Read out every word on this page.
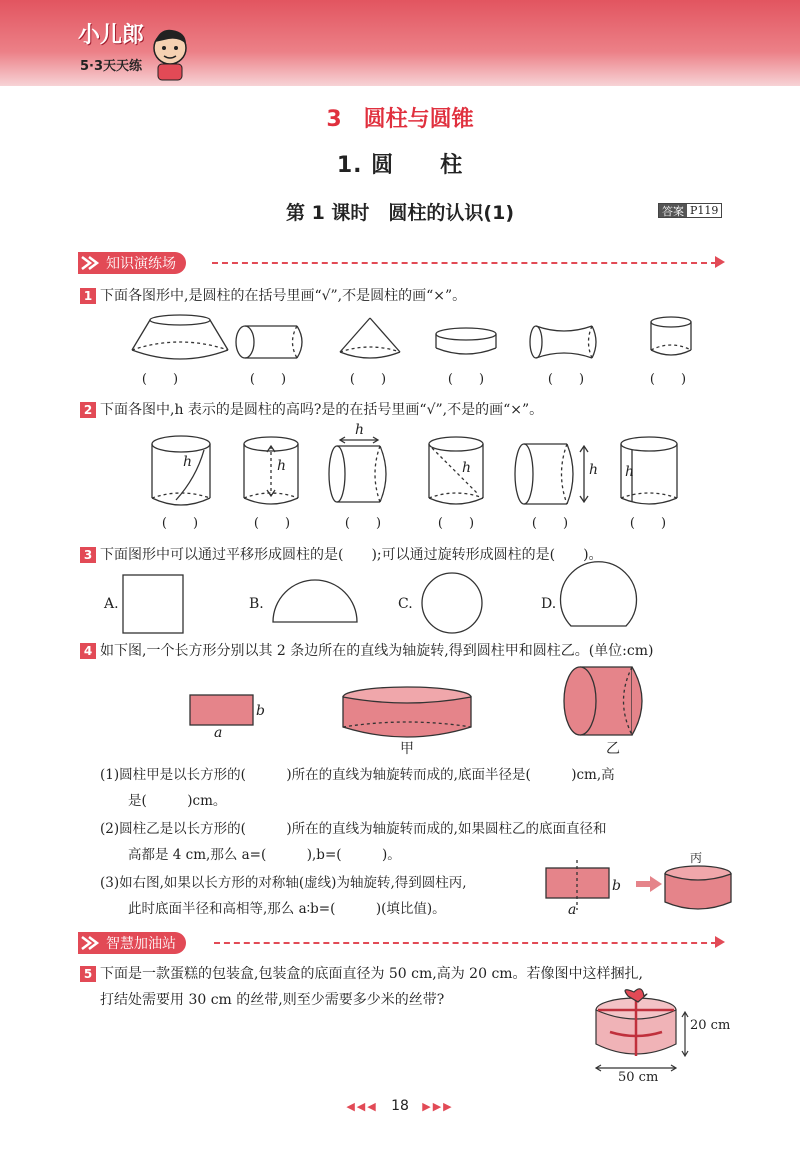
小儿郎
5·3天天练
3　圆柱与圆锥
1. 圆　　柱
第 1 课时　圆柱的认识(1)	答案 P119
知识演练场
1 下面各图形中,是圆柱的在括号里画“√”,不是圆柱的画“×”。
(　　)	(　　)	(　　)	(　　)	(　　)	(　　)
2 下面各图中,h 表示的是圆柱的高吗?是的在括号里画“√”,不是的画“×”。
h	h
h
h	h h
(　　)	(　　)	(　　)	(　　)	(　　)	(　　)
3 下面图形中可以通过平移形成圆柱的是(　　);可以通过旋转形成圆柱的是(　　)。
A.	B.	C.	D.
4 如下图,一个长方形分别以其 2 条边所在的直线为轴旋转,得到圆柱甲和圆柱乙。(单位:cm)
b
a
甲	乙
(1)圆柱甲是以长方形的(　　　)所在的直线为轴旋转而成的,底面半径是(　　　)cm,高
是(　　　)cm。
(2)圆柱乙是以长方形的(　　　)所在的直线为轴旋转而成的,如果圆柱乙的底面直径和
高都是 4 cm,那么 a=(　　　),b=(　　　)。
(3)如右图,如果以长方形的对称轴(虚线)为轴旋转,得到圆柱丙,
此时底面半径和高相等,那么 a∶b=(　　　)(填比值)。
b
a
丙
智慧加油站
5 下面是一款蛋糕的包装盒,包装盒的底面直径为 50 cm,高为 20 cm。若像图中这样捆扎,
打结处需要用 30 cm 的丝带,则至少需要多少米的丝带?
20 cm
50 cm
◀◀◀ 18 ▶▶▶
